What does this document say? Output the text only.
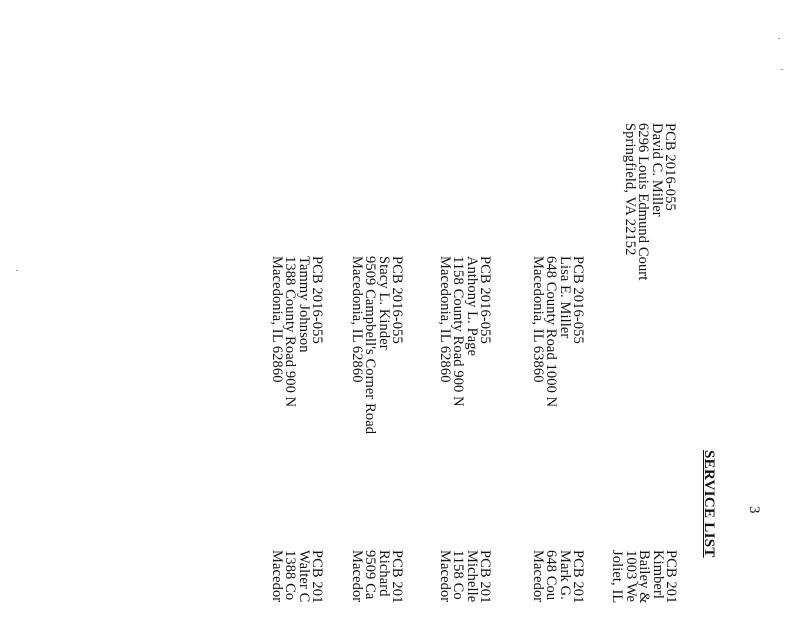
3
SERVICE LIST
PCB 2016-055
David C. Miller
6296 Louis Edmund Court
Springfield, VA 22152
PCB 2016-055
Lisa E. Miller
648 County Road 1000 N
Macedonia, IL 63860
PCB 2016-055
Anthony L. Page
1158 County Road 900 N
Macedonia, IL 62860
PCB 2016-055
Stacy L. Kinder
9509 Campbell's Corner Road
Macedonia, IL 62860
PCB 2016-055
Tammy Johnson
1388 County Road 900 N
Macedonia, IL 62860
PCB 201
Kimberl
Bailey &
1003 We
Joliet, IL
PCB 201
Mark G.
648 Cou
Macedor
PCB 201
Michelle
1158 Co
Macedor
PCB 201
Richard
9509 Ca
Macedor
PCB 201
Walter C
1388 Co
Macedor
